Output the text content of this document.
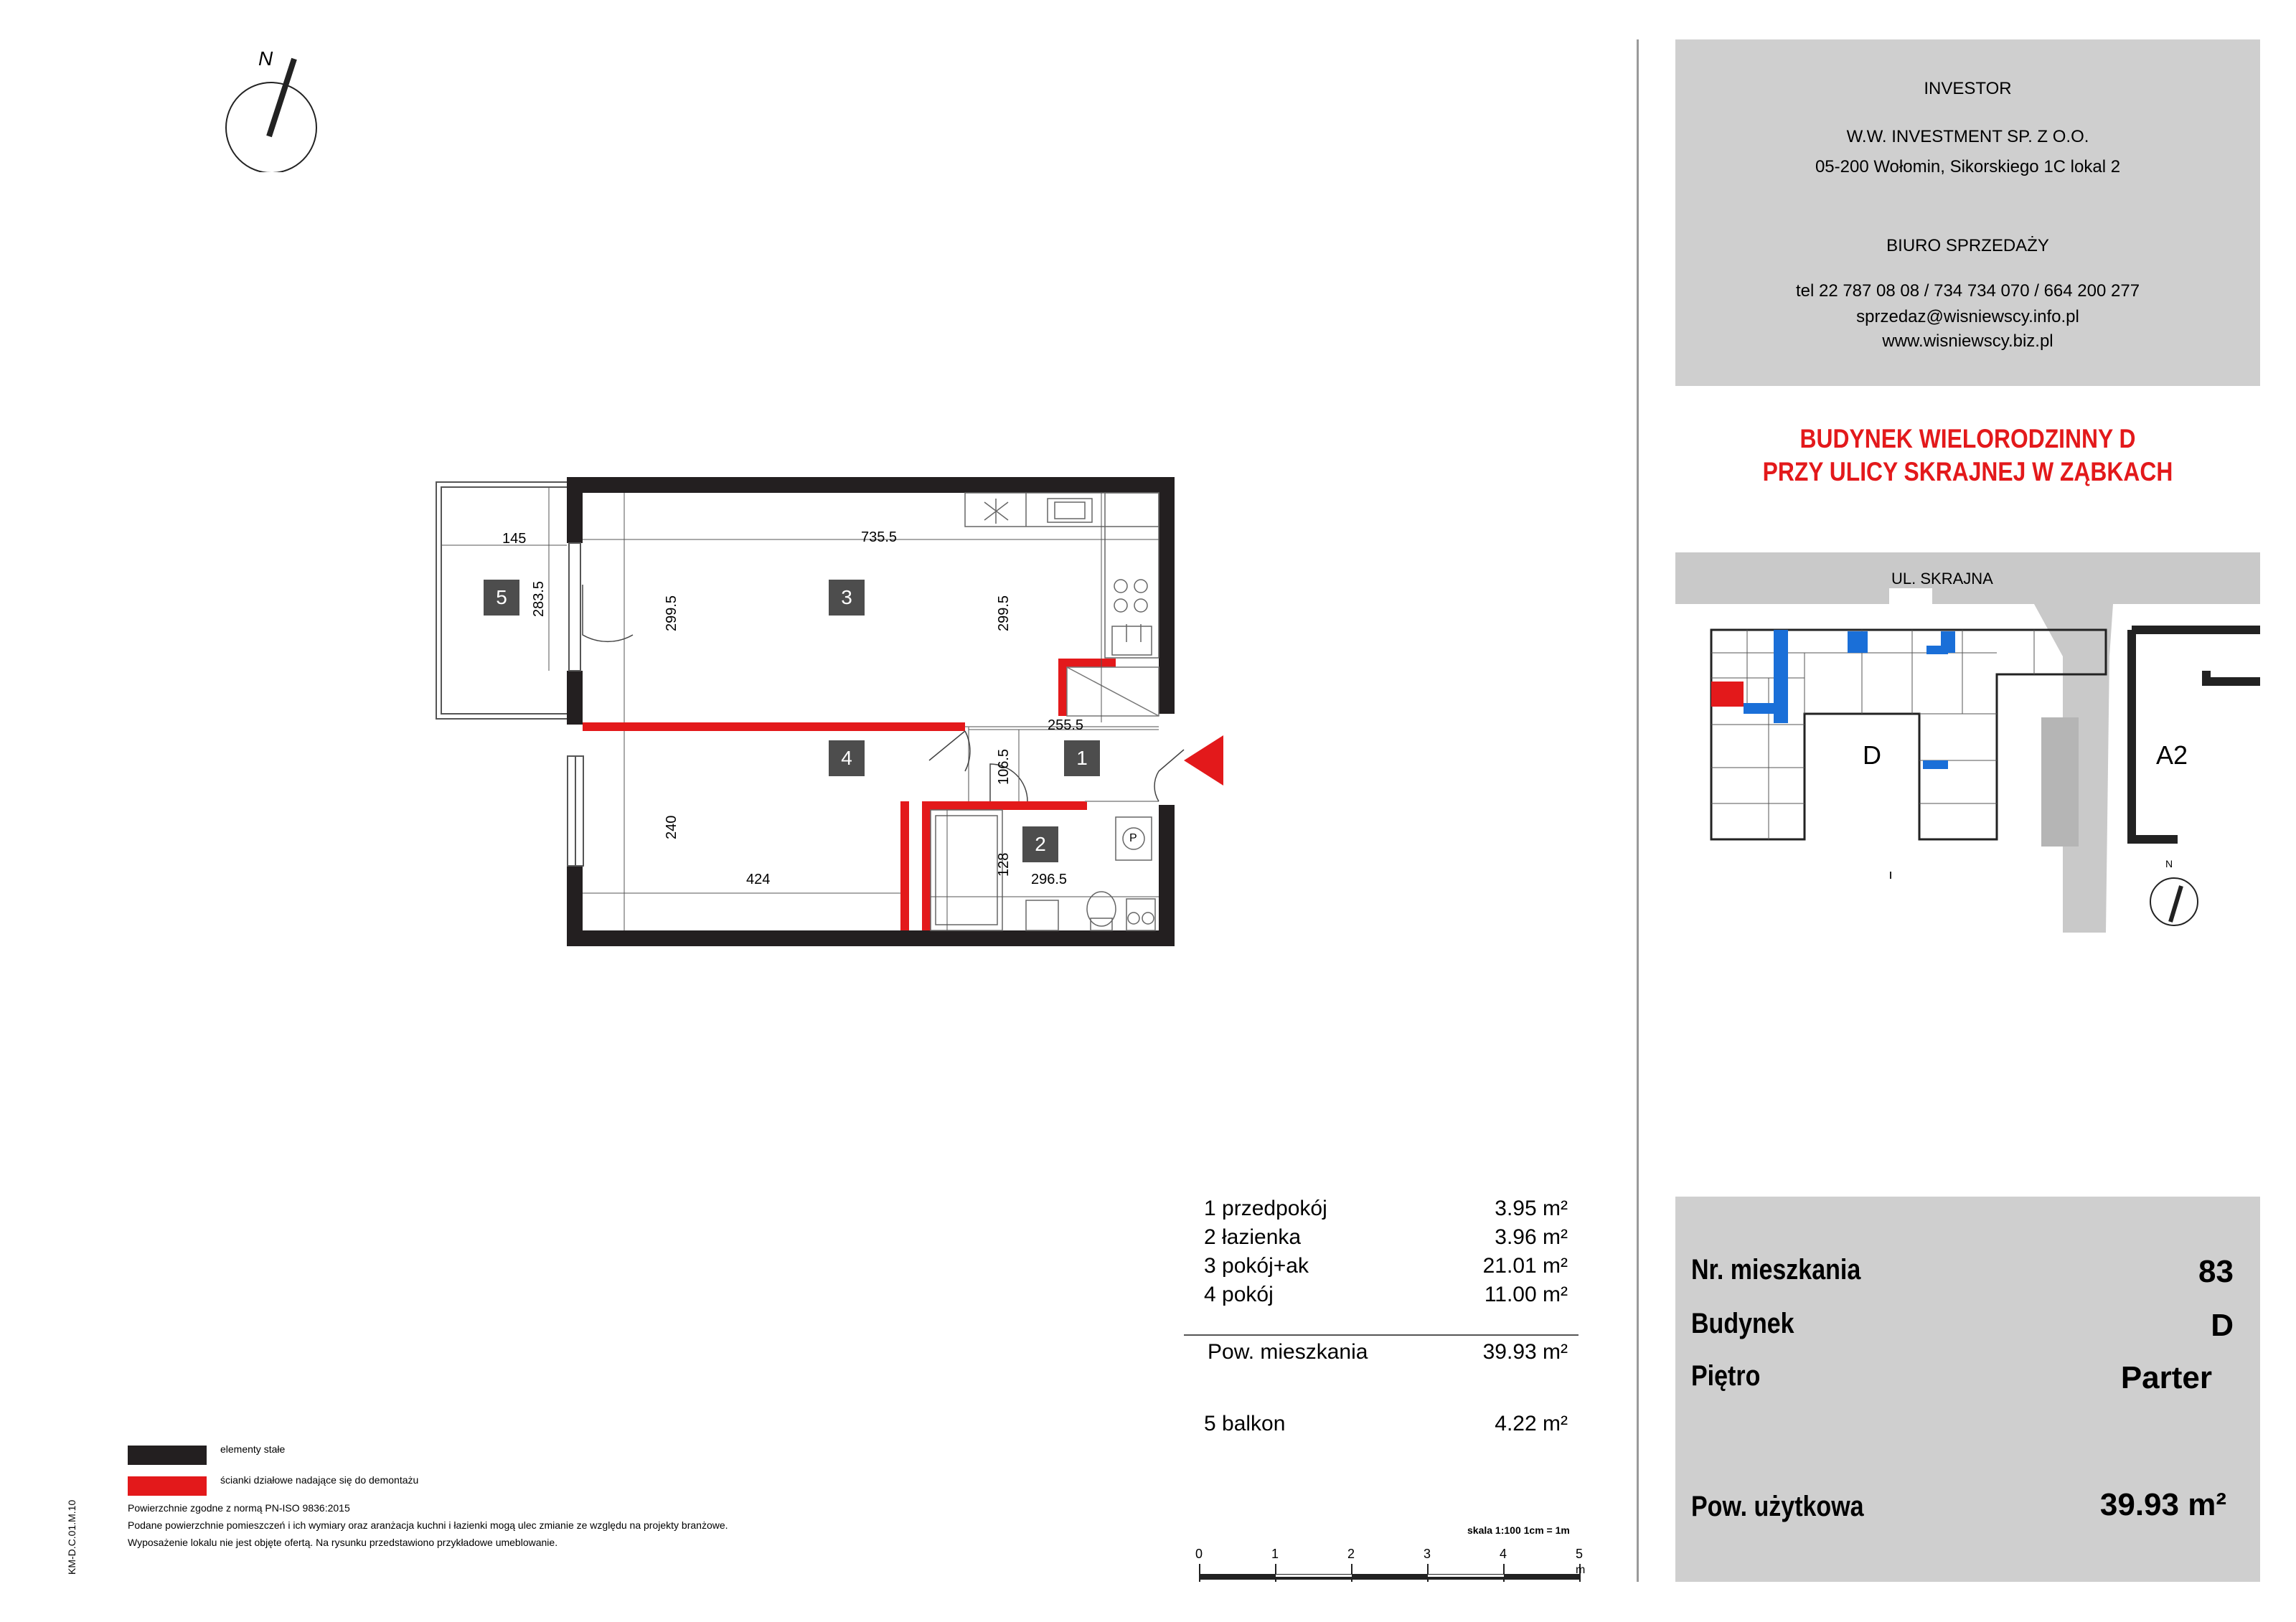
INVESTOR
W.W. INVESTMENT SP. Z O.O.
05-200 Wołomin, Sikorskiego 1C lokal 2
BIURO SPRZEDAŻY
tel 22 787 08 08 / 734 734 070 / 664 200 277
sprzedaz@wisniewscy.info.pl
www.wisniewscy.biz.pl
BUDYNEK WIELORODZINNY D
PRZY ULICY SKRAJNEJ W ZĄBKACH
UL. SKRAJNA
D	A2
N
N
145
283.5
735.5
299.5	299.5
255.5
106.5
240
424
128
296.5
5	3
4	1
2	P
1 przedpokój	3.95 m²
2 łazienka	3.96 m²
3 pokój+ak	21.01 m²
4 pokój	11.00 m²
Pow. mieszkania	39.93 m²
5 balkon	4.22 m²
Nr. mieszkania	83
Budynek	D
Piętro	Parter
Pow. użytkowa	39.93 m²
elementy stałe
ścianki działowe nadające się do demontażu
Powierzchnie zgodne z normą PN-ISO 9836:2015
Podane powierzchnie pomieszczeń i ich wymiary oraz aranżacja kuchni i łazienki mogą ulec zmianie ze względu na projekty branżowe.
Wyposażenie lokalu nie jest objęte ofertą. Na rysunku przedstawiono przykładowe umeblowanie.
KM-D.C.01.M.10	skala 1:100 1cm = 1m
0	1	2	3	4	5
m
